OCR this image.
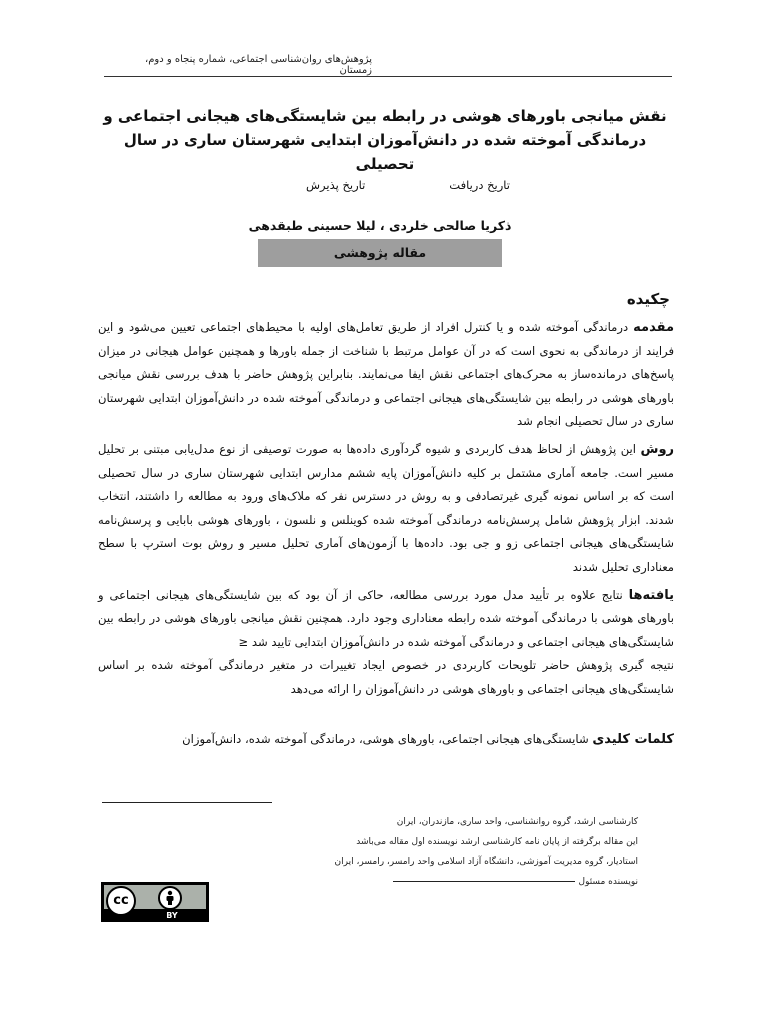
پژوهش‌های روان‌شناسی اجتماعی، شماره پنجاه و دوم، زمستان
نقش میانجی باورهای هوشی در رابطه بین شایستگی‌های هیجانی اجتماعی و درماندگی آموخته شده در دانش‌آموزان ابتدایی شهرستان ساری در سال تحصیلی
تاریخ دریافت
تاریخ پذیرش
ذکریا صالحی خلردی ، لیلا حسینی طبقدهی
مقاله پژوهشی
چکیده

مقدمه درماندگی آموخته شده و یا کنترل افراد از طریق تعامل‌های اولیه با محیط‌های اجتماعی تعیین می‌شود و این فرایند از درماندگی به نحوی است که در آن عوامل مرتبط با شناخت از جمله باورها و همچنین عوامل هیجانی در میزان پاسخ‌های درمانده‌ساز به محرک‌های اجتماعی نقش ایفا می‌نمایند. بنابراین پژوهش حاضر با هدف بررسی نقش میانجی باورهای هوشی در رابطه بین شایستگی‌های هیجانی اجتماعی و درماندگی آموخته شده در دانش‌آموزان ابتدایی شهرستان ساری در سال تحصیلی انجام شد

روش این پژوهش از لحاظ هدف کاربردی و شیوه گردآوری داده‌ها به صورت توصیفی از نوع مدل‌یابی مبتنی بر تحلیل مسیر است. جامعه آماری مشتمل بر کلیه دانش‌آموزان پایه ششم مدارس ابتدایی شهرستان ساری در سال تحصیلی است که بر اساس نمونه گیری غیرتصادفی و به روش در دسترس نفر که ملاک‌های ورود به مطالعه را داشتند، انتخاب شدند. ابزار پژوهش شامل پرسش‌نامه درماندگی آموخته شده کوینلس و نلسون ، باورهای هوشی بابایی و پرسش‌نامه شایستگی‌های هیجانی اجتماعی زو و جی بود. داده‌ها با آزمون‌های آماری تحلیل مسیر و روش بوت استرپ با سطح معناداری تحلیل شدند

یافته‌ها نتایج علاوه بر تأیید مدل مورد بررسی مطالعه، حاکی از آن بود که بین شایستگی‌های هیجانی اجتماعی و باورهای هوشی با درماندگی آموخته شده رابطه معناداری وجود دارد. همچنین نقش میانجی باورهای هوشی در رابطه بین شایستگی‌های هیجانی اجتماعی و درماندگی آموخته شده در دانش‌آموزان ابتدایی تایید شد ≤

نتیجه گیری پژوهش حاضر تلویحات کاربردی در خصوص ایجاد تغییرات در متغیر درماندگی آموخته شده بر اساس شایستگی‌های هیجانی اجتماعی و باورهای هوشی در دانش‌آموزان را ارائه می‌دهد

کلمات کلیدی شایستگی‌های هیجانی اجتماعی، باورهای هوشی، درماندگی آموخته شده، دانش‌آموزان
کارشناسی ارشد، گروه روانشناسی، واحد ساری، مازندران، ایران
این مقاله برگرفته از پایان نامه کارشناسی ارشد نویسنده اول مقاله می‌باشد
استادیار، گروه مدیریت آموزشی، دانشگاه آزاد اسلامی واحد رامسر، رامسر، ایران
نویسنده مسئول
cc
BY
